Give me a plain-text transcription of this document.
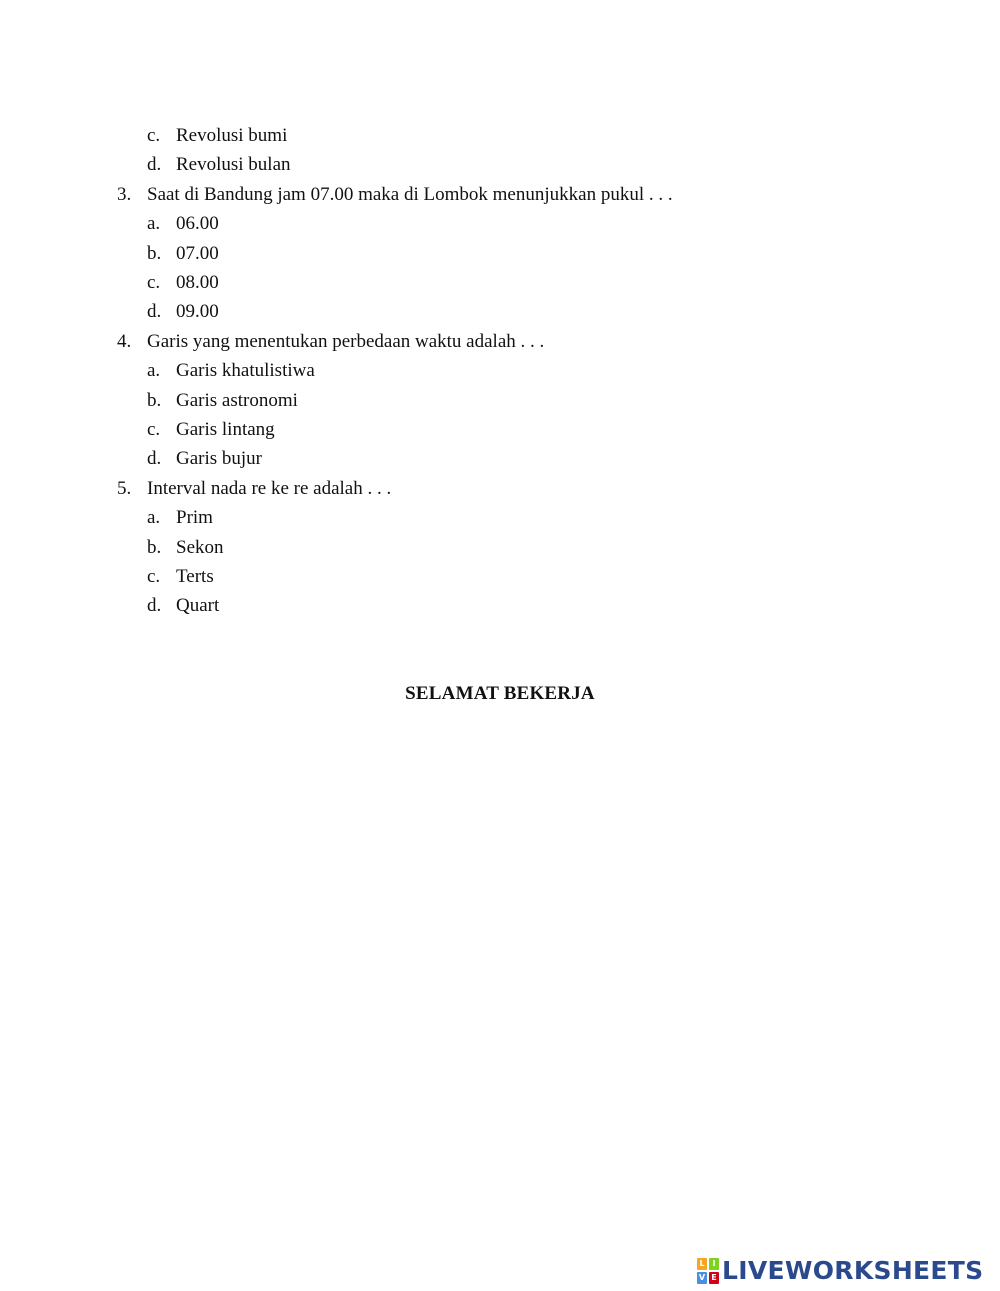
c. Revolusi bumi
d. Revolusi bulan
3. Saat di Bandung jam 07.00 maka di Lombok menunjukkan pukul . . .
a. 06.00
b. 07.00
c. 08.00
d. 09.00
4. Garis yang menentukan perbedaan waktu adalah . . .
a. Garis khatulistiwa
b. Garis astronomi
c. Garis lintang
d. Garis bujur
5. Interval nada re ke re adalah . . .
a. Prim
b. Sekon
c. Terts
d. Quart
SELAMAT BEKERJA
L I
V E LIVEWORKSHEETS
